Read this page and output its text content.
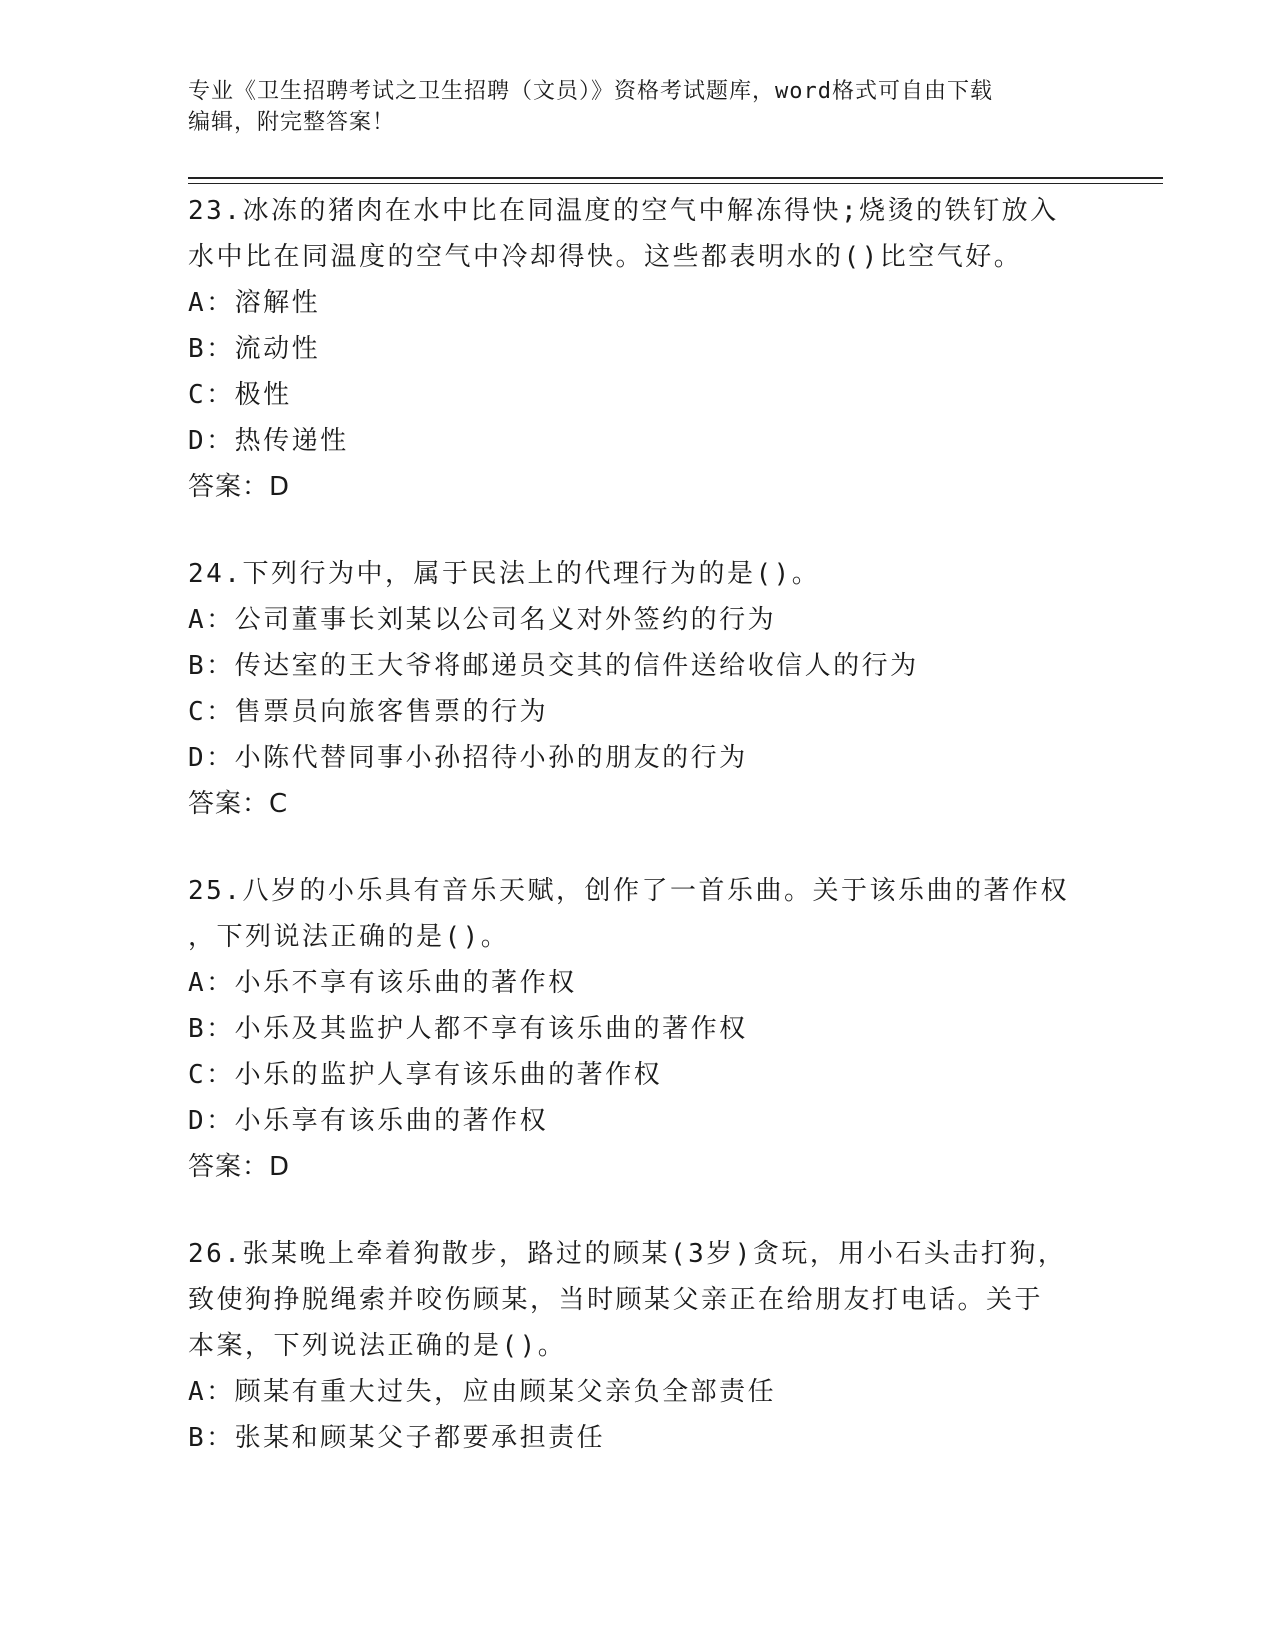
专业《卫生招聘考试之卫生招聘（文员）》资格考试题库，word格式可自由下载
编辑，附完整答案！
23.冰冻的猪肉在水中比在同温度的空气中解冻得快;烧烫的铁钉放入
水中比在同温度的空气中冷却得快。这些都表明水的()比空气好。
A：溶解性
B：流动性
C：极性
D：热传递性
答案：D
24.下列行为中，属于民法上的代理行为的是()。
A：公司董事长刘某以公司名义对外签约的行为
B：传达室的王大爷将邮递员交其的信件送给收信人的行为
C：售票员向旅客售票的行为
D：小陈代替同事小孙招待小孙的朋友的行为
答案：C
25.八岁的小乐具有音乐天赋，创作了一首乐曲。关于该乐曲的著作权
，下列说法正确的是()。
A：小乐不享有该乐曲的著作权
B：小乐及其监护人都不享有该乐曲的著作权
C：小乐的监护人享有该乐曲的著作权
D：小乐享有该乐曲的著作权
答案：D
26.张某晚上牵着狗散步，路过的顾某(3岁)贪玩，用小石头击打狗，
致使狗挣脱绳索并咬伤顾某，当时顾某父亲正在给朋友打电话。关于
本案，下列说法正确的是()。
A：顾某有重大过失，应由顾某父亲负全部责任
B：张某和顾某父子都要承担责任
